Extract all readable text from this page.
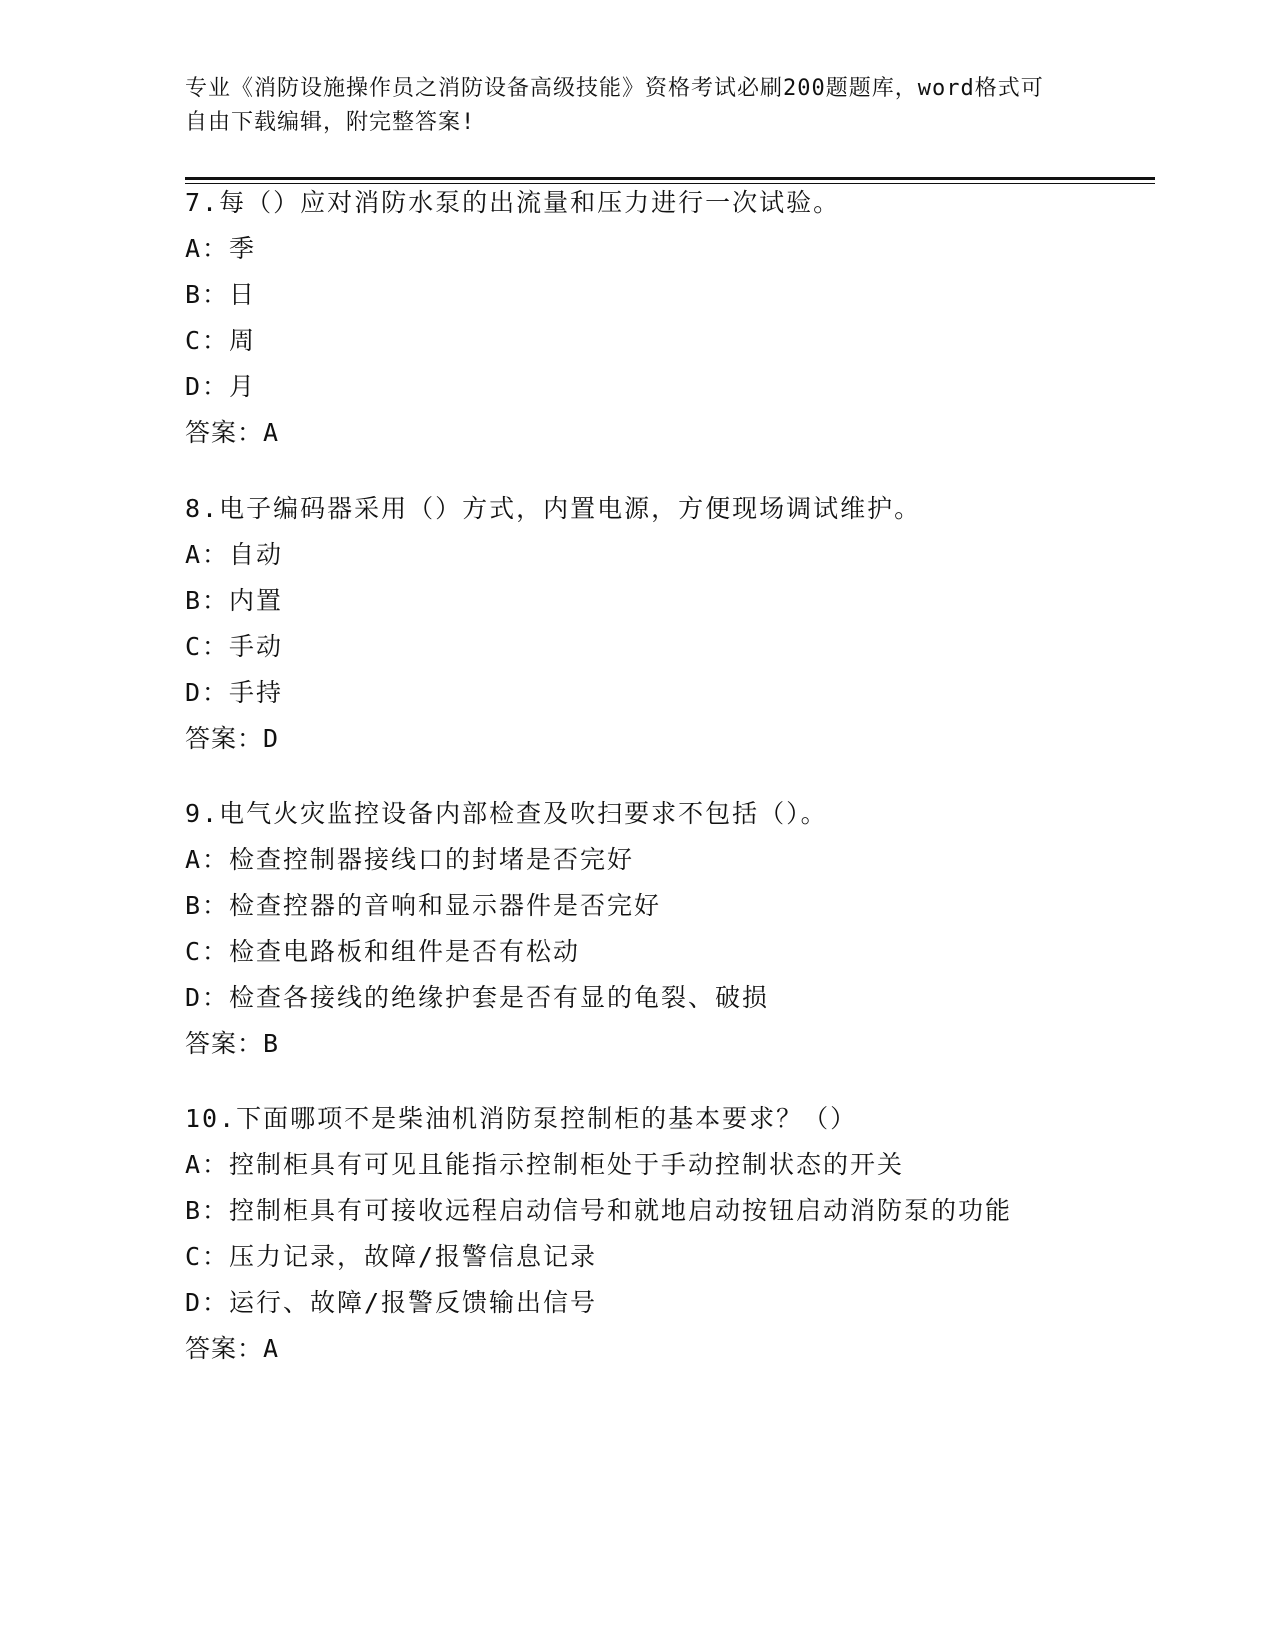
专业《消防设施操作员之消防设备高级技能》资格考试必刷200题题库，word格式可自由下载编辑，附完整答案!
7.每（）应对消防水泵的出流量和压力进行一次试验。
A：季
B：日
C：周
D：月
答案：A
8.电子编码器采用（）方式，内置电源，方便现场调试维护。
A：自动
B：内置
C：手动
D：手持
答案：D
9.电气火灾监控设备内部检查及吹扫要求不包括（）。
A：检查控制器接线口的封堵是否完好
B：检查控器的音响和显示器件是否完好
C：检查电路板和组件是否有松动
D：检查各接线的绝缘护套是否有显的龟裂、破损
答案：B
10.下面哪项不是柴油机消防泵控制柜的基本要求？（）
A：控制柜具有可见且能指示控制柜处于手动控制状态的开关
B：控制柜具有可接收远程启动信号和就地启动按钮启动消防泵的功能
C：压力记录，故障/报警信息记录
D：运行、故障/报警反馈输出信号
答案：A
